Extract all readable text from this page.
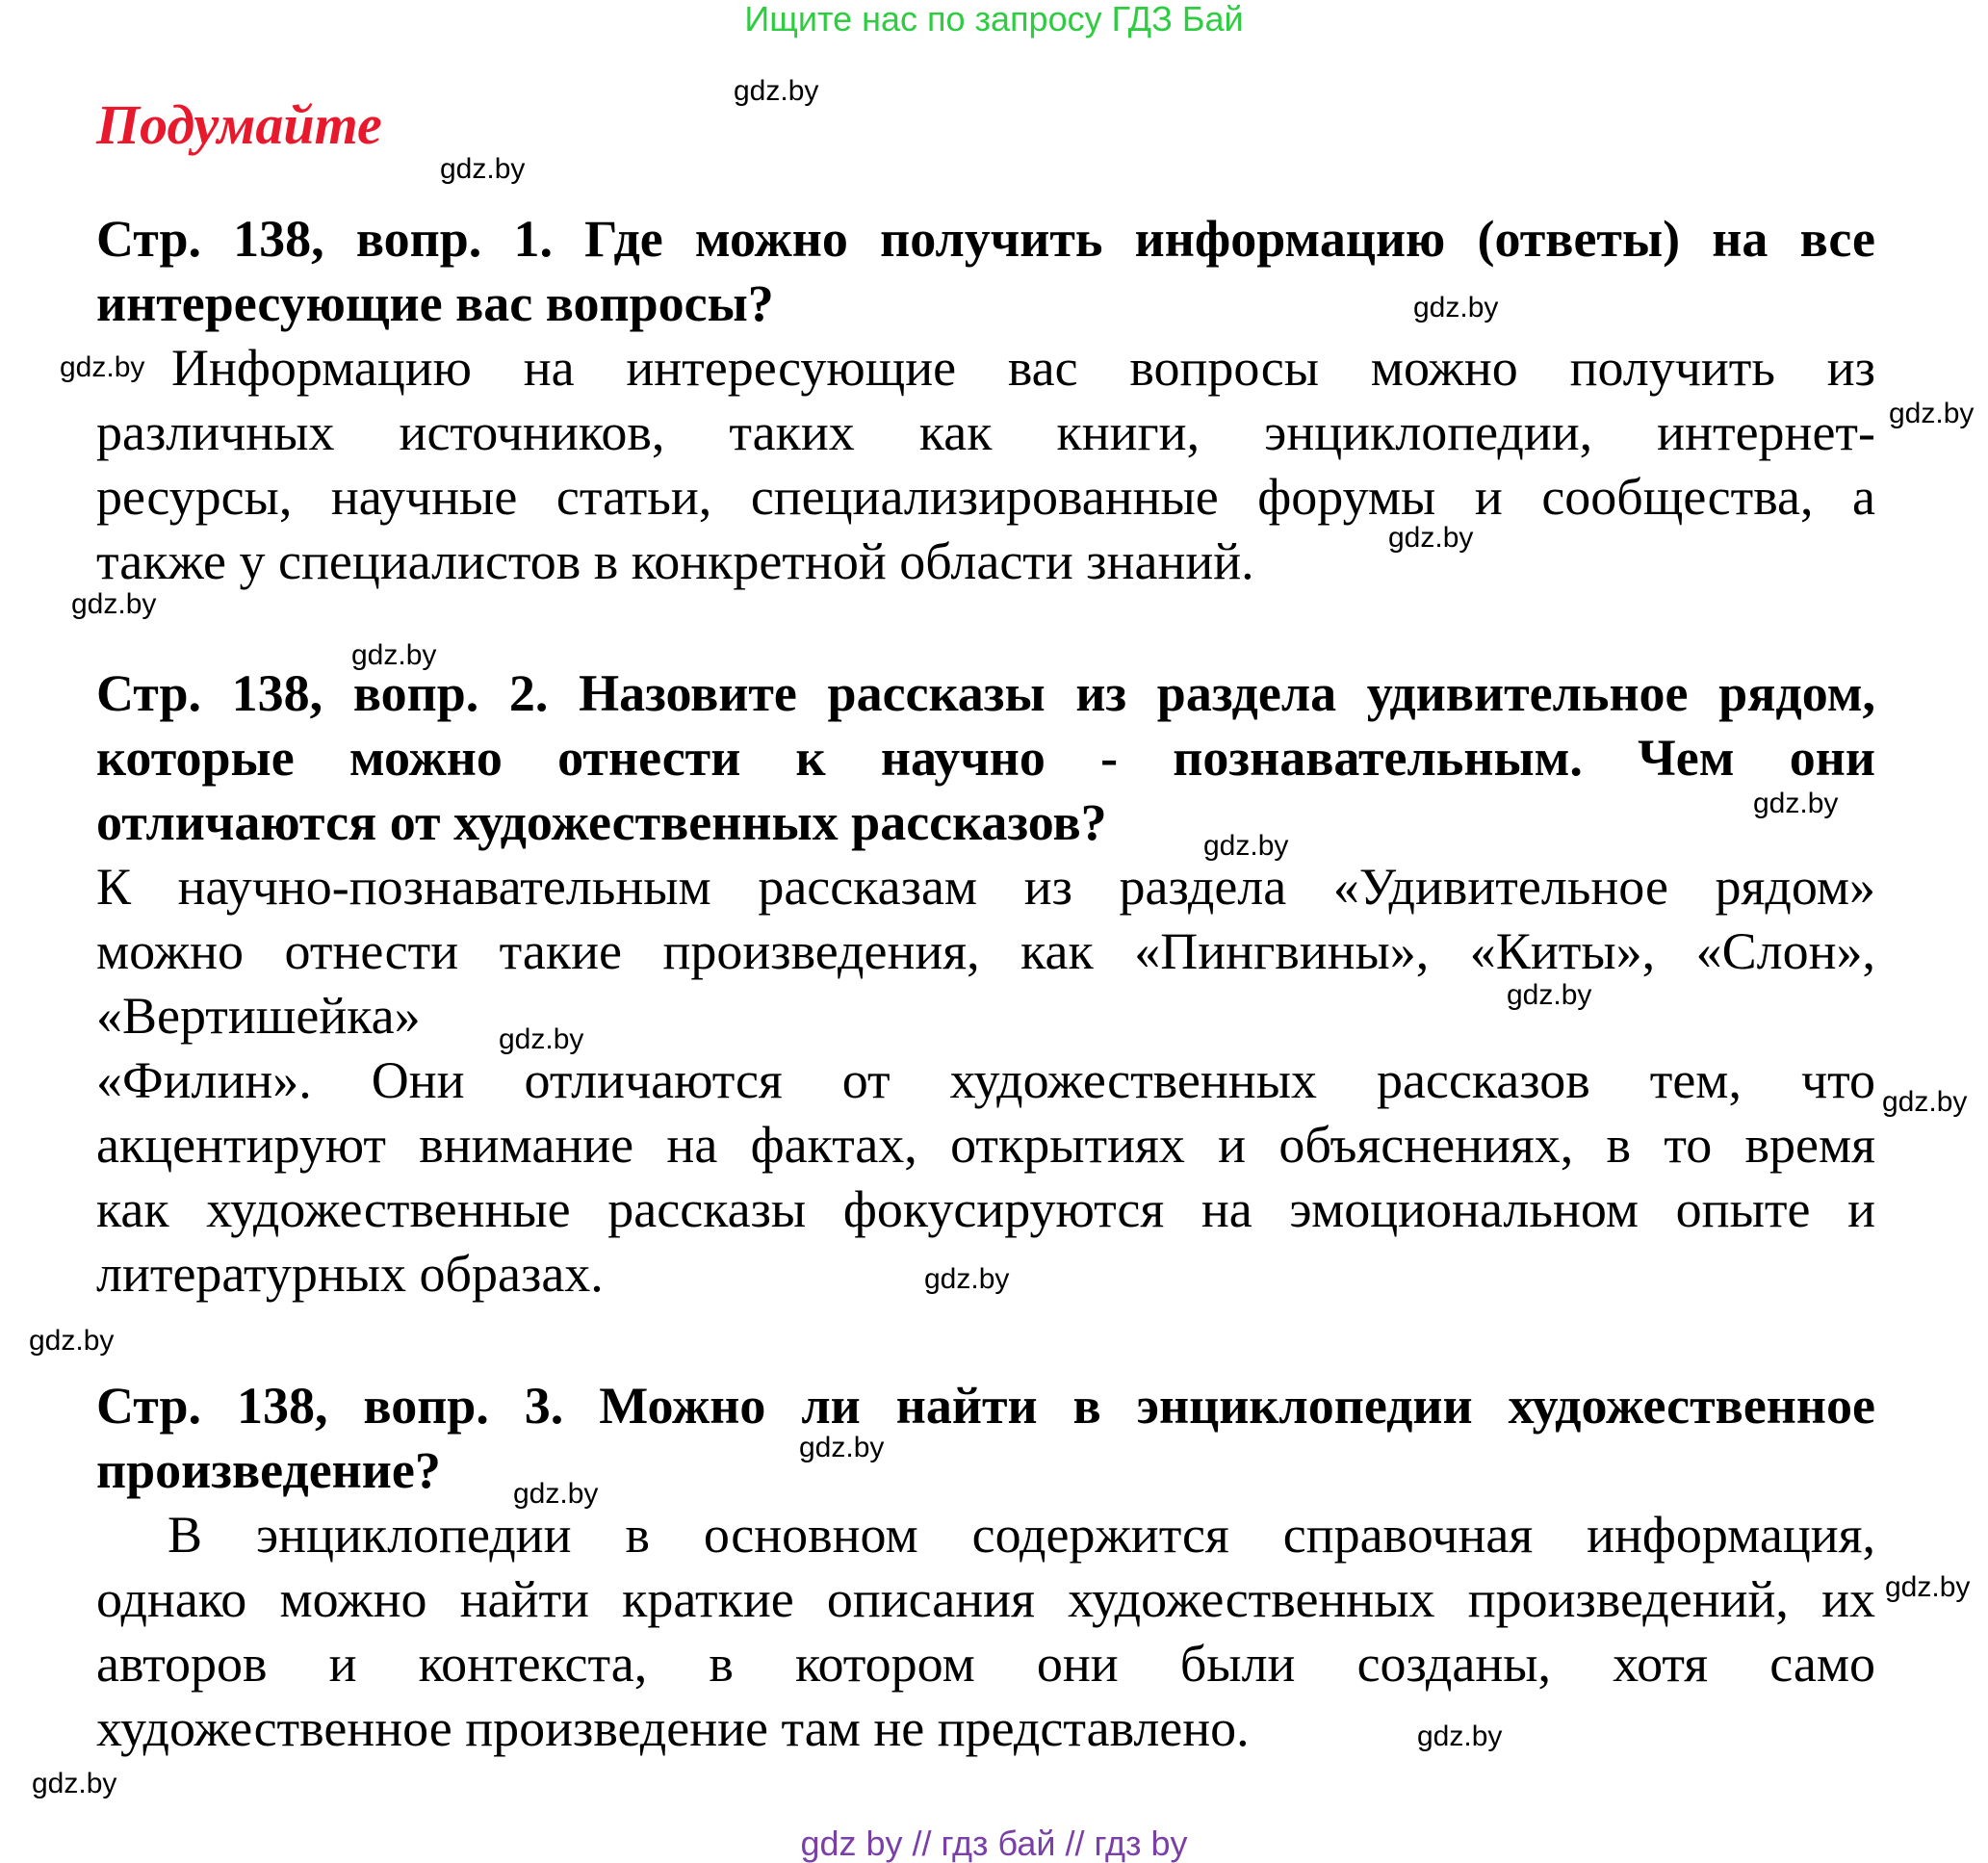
Ищите нас по запросу ГДЗ Бай
Подумайте
Стр. 138, вопр. 1. Где можно получить информацию (ответы) на все
интересующие вас вопросы?
Информацию на интересующие вас вопросы можно получить из
различных источников, таких как книги, энциклопедии, интернет-
ресурсы, научные статьи, специализированные форумы и сообщества, а
также у специалистов в конкретной области знаний.
Стр. 138, вопр. 2. Назовите рассказы из раздела удивительное рядом,
которые можно отнести к научно - познавательным. Чем они
отличаются от художественных рассказов?
К научно-познавательным рассказам из раздела «Удивительное рядом»
можно отнести такие произведения, как «Пингвины», «Киты», «Слон»,
«Вертишейка»
«Филин». Они отличаются от художественных рассказов тем, что
акцентируют внимание на фактах, открытиях и объяснениях, в то время
как художественные рассказы фокусируются на эмоциональном опыте и
литературных образах.
Стр. 138, вопр. 3. Можно ли найти в энциклопедии художественное
произведение?
В энциклопедии в основном содержится справочная информация,
однако можно найти краткие описания художественных произведений, их
авторов и контекста, в котором они были созданы, хотя само
художественное произведение там не представлено.
gdz.by
gdz.by
gdz.by
gdz.by
gdz.by
gdz.by
gdz.by
gdz.by
gdz.by
gdz.by
gdz.by
gdz.by
gdz.by
gdz.by
gdz.by
gdz.by
gdz.by
gdz.by
gdz.by
gdz.by
gdz by // гдз бай // гдз by
